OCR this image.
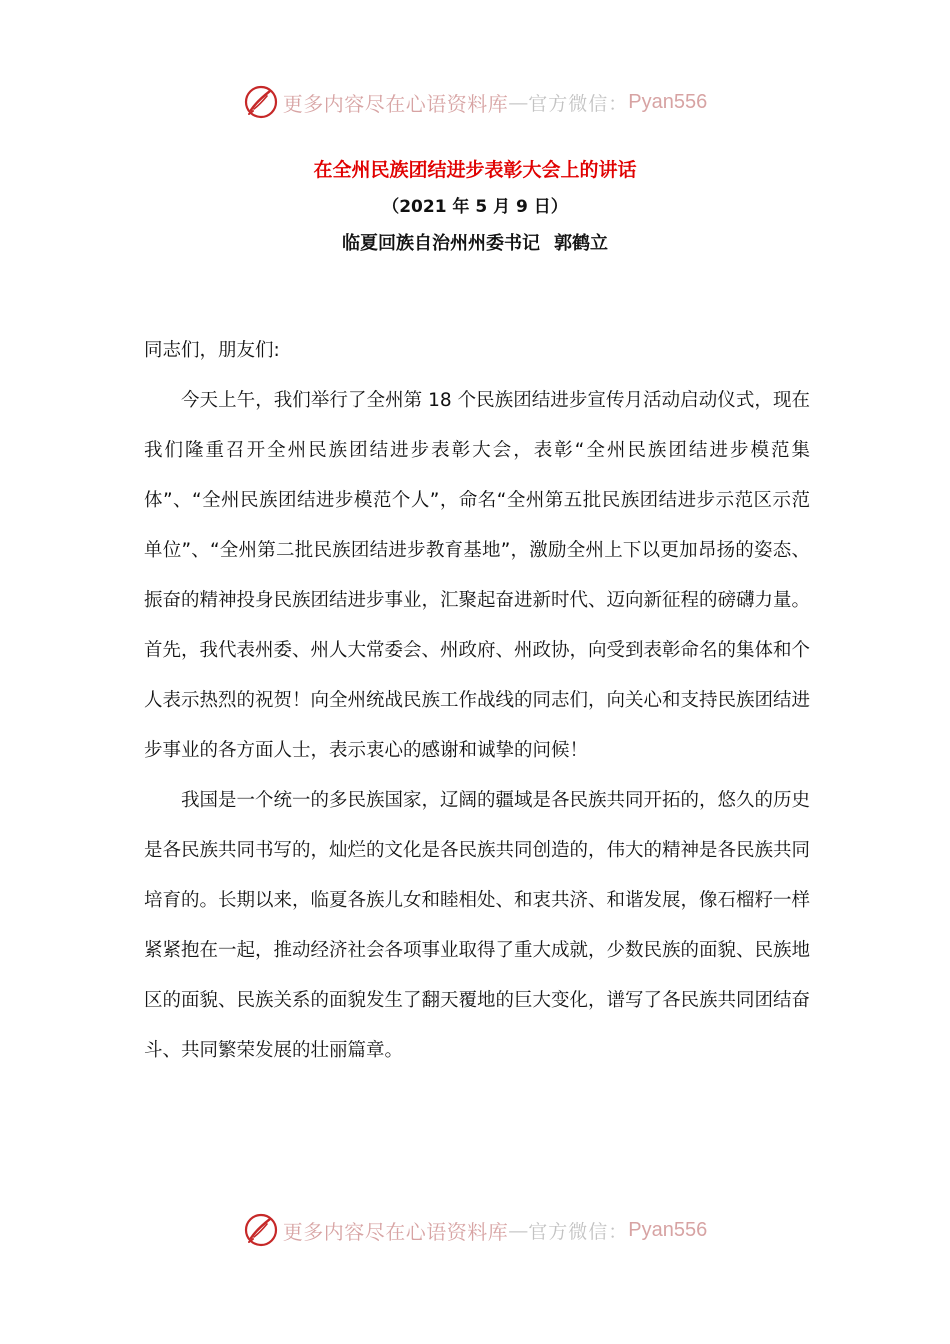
更多内容尽在心语资料库 — 官方微信： Pyan556
在全州民族团结进步表彰大会上的讲话
（2021 年 5 月 9 日）
临夏回族自治州州委书记 郭鹤立

同志们，朋友们:

今天上午，我们举行了全州第 18 个民族团结进步宣传月活动启动仪式，现在我们隆重召开全州民族团结进步表彰大会，表彰“全州民族团结进步模范集体”、“全州民族团结进步模范个人”，命名“全州第五批民族团结进步示范区示范单位”、“全州第二批民族团结进步教育基地”，激励全州上下以更加昂扬的姿态、振奋的精神投身民族团结进步事业，汇聚起奋进新时代、迈向新征程的磅礴力量。首先，我代表州委、州人大常委会、州政府、州政协，向受到表彰命名的集体和个人表示热烈的祝贺！向全州统战民族工作战线的同志们，向关心和支持民族团结进步事业的各方面人士，表示衷心的感谢和诚挚的问候！

我国是一个统一的多民族国家，辽阔的疆域是各民族共同开拓的，悠久的历史是各民族共同书写的，灿烂的文化是各民族共同创造的，伟大的精神是各民族共同培育的。长期以来，临夏各族儿女和睦相处、和衷共济、和谐发展，像石榴籽一样紧紧抱在一起，推动经济社会各项事业取得了重大成就，少数民族的面貌、民族地区的面貌、民族关系的面貌发生了翻天覆地的巨大变化，谱写了各民族共同团结奋斗、共同繁荣发展的壮丽篇章。

更多内容尽在心语资料库 — 官方微信： Pyan556
